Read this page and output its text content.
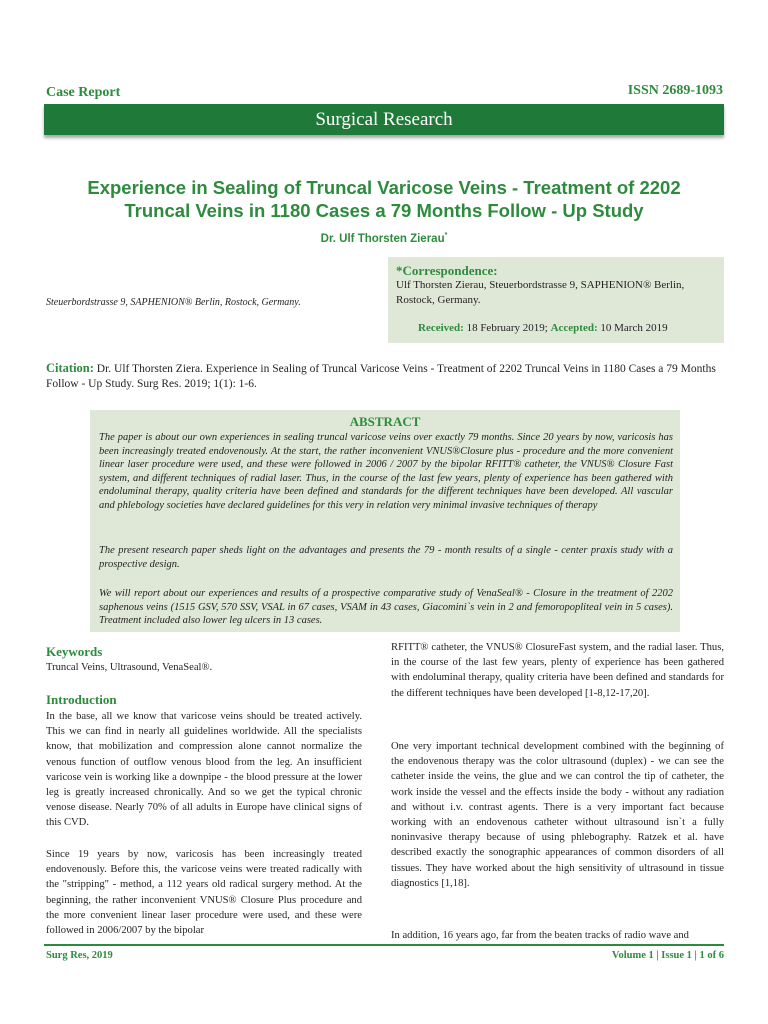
Case Report	ISSN 2689-1093
Surgical Research
Experience in Sealing of Truncal Varicose Veins - Treatment of 2202 Truncal Veins in 1180 Cases a 79 Months Follow - Up Study
Dr. Ulf Thorsten Zierau*
Steuerbordstrasse 9, SAPHENION® Berlin, Rostock, Germany.
*Correspondence:
Ulf Thorsten Zierau, Steuerbordstrasse 9, SAPHENION® Berlin, Rostock, Germany.
Received: 18 February 2019; Accepted: 10 March 2019
Citation: Dr. Ulf Thorsten Ziera. Experience in Sealing of Truncal Varicose Veins - Treatment of 2202 Truncal Veins in 1180 Cases a 79 Months Follow - Up Study. Surg Res. 2019; 1(1): 1-6.
ABSTRACT
The paper is about our own experiences in sealing truncal varicose veins over exactly 79 months. Since 20 years by now, varicosis has been increasingly treated endovenously. At the start, the rather inconvenient VNUS®Closure plus - procedure and the more convenient linear laser procedure were used, and these were followed in 2006 / 2007 by the bipolar RFITT® catheter, the VNUS® Closure Fast system, and different techniques of radial laser. Thus, in the course of the last few years, plenty of experience has been gathered with endoluminal therapy, quality criteria have been defined and standards for the different techniques have been developed. All vascular and phlebology societies have declared guidelines for this very in relation very minimal invasive techniques of therapy
The present research paper sheds light on the advantages and presents the 79 - month results of a single - center praxis study with a prospective design.
We will report about our experiences and results of a prospective comparative study of VenaSeal® - Closure in the treatment of 2202 saphenous veins (1515 GSV, 570 SSV, VSAL in 67 cases, VSAM in 43 cases, Giacomini`s vein in 2 and femoropopliteal vein in 5 cases). Treatment included also lower leg ulcers in 13 cases.
Keywords
Truncal Veins, Ultrasound, VenaSeal®.
Introduction
In the base, all we know that varicose veins should be treated actively. This we can find in nearly all guidelines worldwide. All the specialists know, that mobilization and compression alone cannot normalize the venous function of outflow venous blood from the leg. An insufficient varicose vein is working like a downpipe - the blood pressure at the lower leg is greatly increased chronically. And so we get the typical chronic venose disease. Nearly 70% of all adults in Europe have clinical signs of this CVD.
Since 19 years by now, varicosis has been increasingly treated endovenously. Before this, the varicose veins were treated radically with the "stripping" - method, a 112 years old radical surgery method. At the beginning, the rather inconvenient VNUS® Closure Plus procedure and the more convenient linear laser procedure were used, and these were followed in 2006/2007 by the bipolar
RFITT® catheter, the VNUS® ClosureFast system, and the radial laser. Thus, in the course of the last few years, plenty of experience has been gathered with endoluminal therapy, quality criteria have been defined and standards for the different techniques have been developed [1-8,12-17,20].
One very important technical development combined with the beginning of the endovenous therapy was the color ultrasound (duplex) - we can see the catheter inside the veins, the glue and we can control the tip of catheter, the work inside the vessel and the effects inside the body - without any radiation and without i.v. contrast agents. There is a very important fact because working with an endovenous catheter without ultrasound isn`t a fully noninvasive therapy because of using phlebography. Ratzek et al. have described exactly the sonographic appearances of common disorders of all tissues. They have worked about the high sensitivity of ultrasound in tissue diagnostics [1,18].
In addition, 16 years ago, far from the beaten tracks of radio wave and
Surg Res, 2019	Volume 1 | Issue 1 | 1 of 6
